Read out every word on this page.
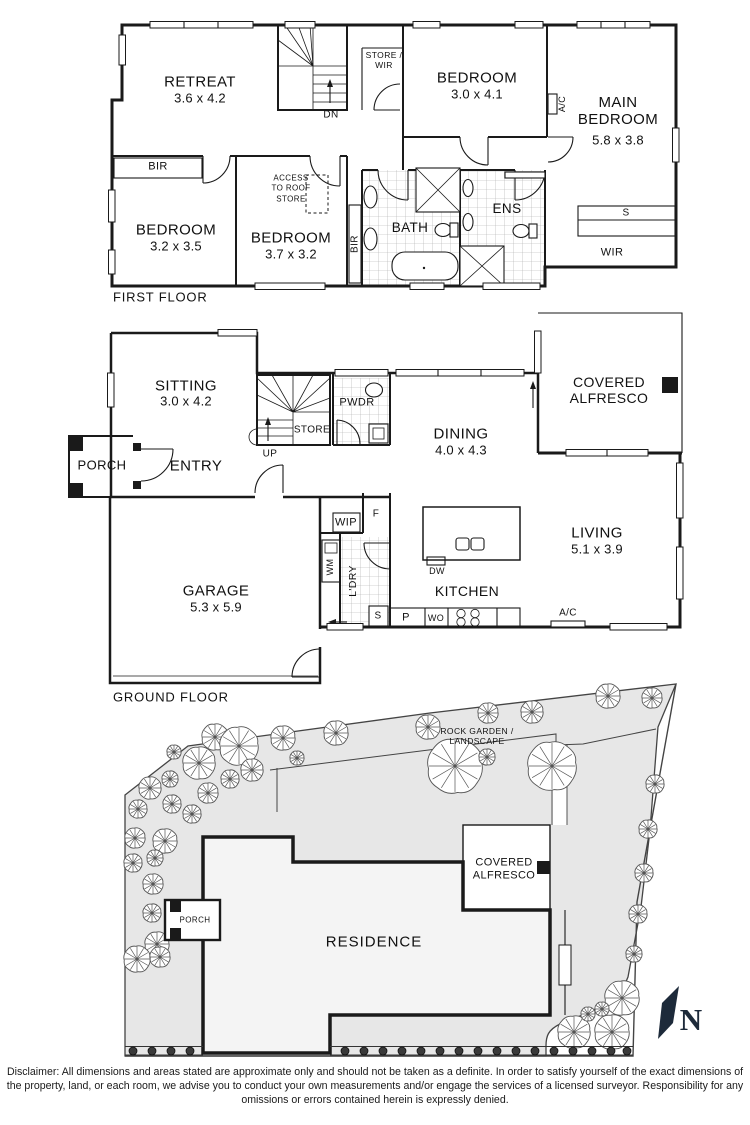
RETREAT
3.6 x 4.2
DN
STORE / WIR
BEDROOM
3.0 x 4.1
A/C	MAIN BEDROOM
5.8 x 3.8
BIR
ACCESS TO ROOF STORE
BEDROOM
3.2 x 3.5	BEDROOM
3.7 x 3.2
BIR
BATH
ENS	S
WIR
FIRST FLOOR
SITTING
3.0 x 4.2
PORCH	ENTRY
UP
STORE
PWDR
DINING
4.0 x 4.3
COVERED ALFRESCO
GARAGE
5.3 x 5.9
WIP
F
WM L'DRY
S
DW
KITCHEN
P WO	A/C
LIVING
5.1 x 3.9
GROUND FLOOR
ROCK GARDEN / LANDSCAPE
COVERED ALFRESCO
PORCH
RESIDENCE
N
Disclaimer: All dimensions and areas stated are approximate only and should not be taken as a definite. In order to satisfy yourself of the exact dimensions of the property, land, or each room, we advise you to conduct your own measurements and/or engage the services of a licensed surveyor. Responsibility for any omissions or errors contained herein is expressly denied.
